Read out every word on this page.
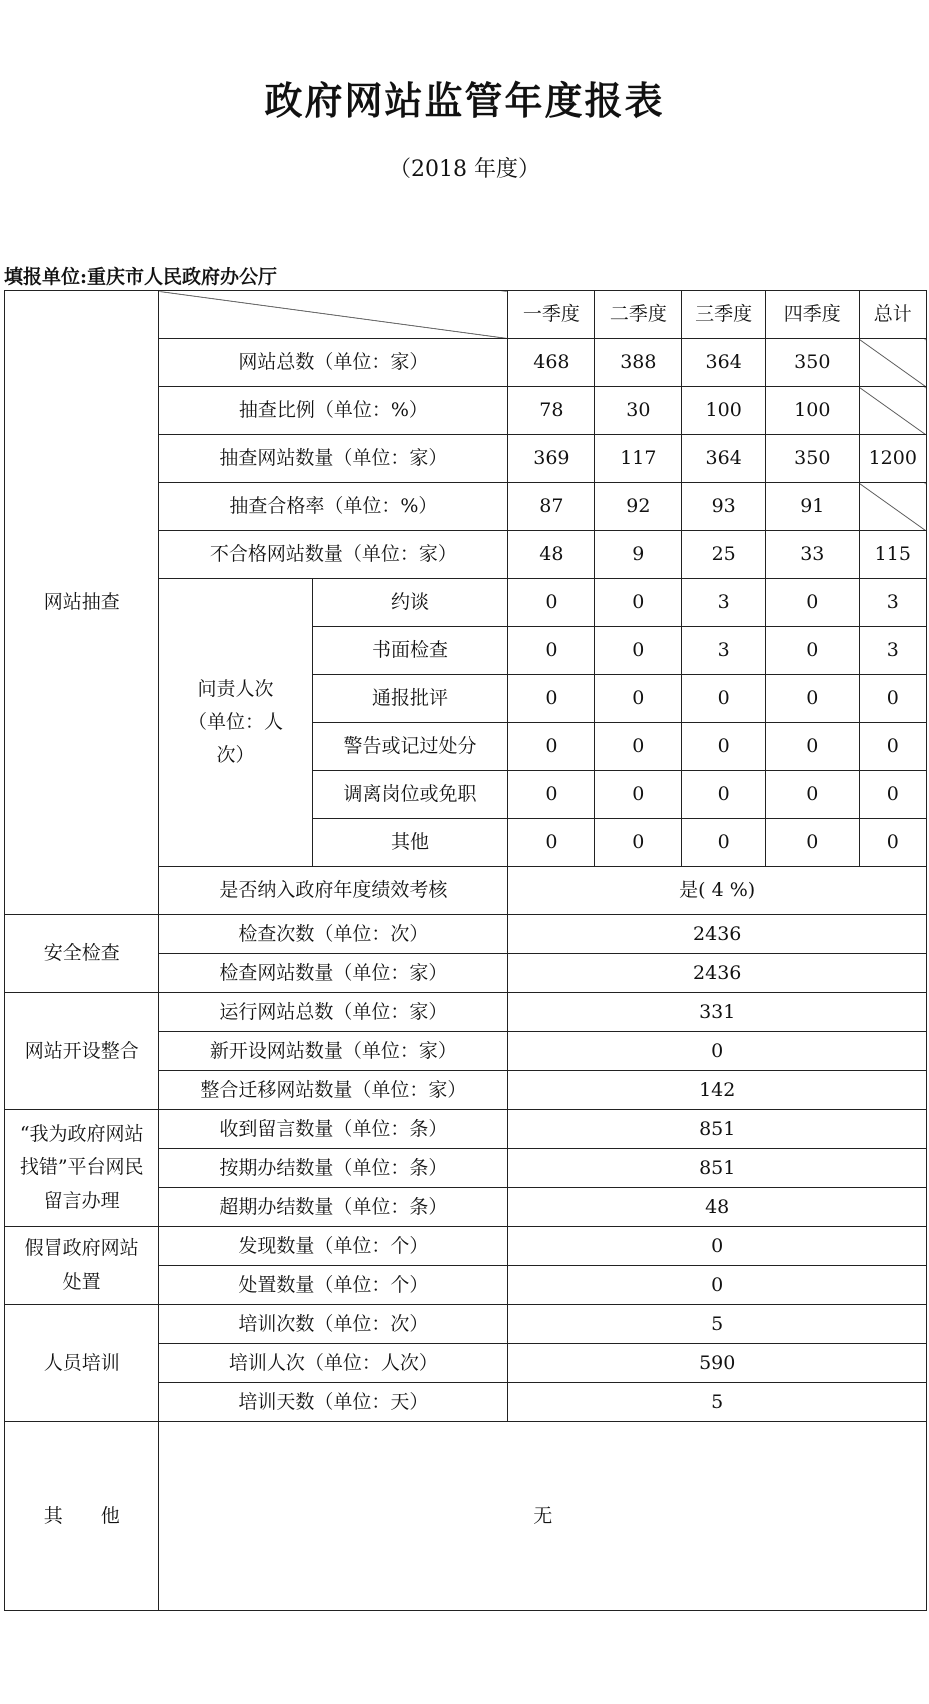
政府网站监管年度报表
（2018 年度）
填报单位:重庆市人民政府办公厅
网站抽查			一季度	二季度	三季度	四季度	总计
	网站总数（单位：家）		468	388	364	350	
	抽查比例（单位：%）		78	30	100	100	
	抽查网站数量（单位：家）		369	117	364	350	1200
	抽查合格率（单位：%）		87	92	93	91	
	不合格网站数量（单位：家）		48	9	25	33	115
	问责人次（单位：人次）	约谈	0	0	3	0	3
		书面检查	0	0	3	0	3
		通报批评	0	0	0	0	0
		警告或记过处分	0	0	0	0	0
		调离岗位或免职	0	0	0	0	0
		其他	0	0	0	0	0
	是否纳入政府年度绩效考核		是( 4 %)				
安全检查	检查次数（单位：次）		2436				
	检查网站数量（单位：家）		2436				
网站开设整合	运行网站总数（单位：家）		331				
	新开设网站数量（单位：家）		0				
	整合迁移网站数量（单位：家）		142				
“我为政府网站找错”平台网民留言办理	收到留言数量（单位：条）		851				
	按期办结数量（单位：条）		851				
	超期办结数量（单位：条）		48				
假冒政府网站处置	发现数量（单位：个）		0				
	处置数量（单位：个）		0				
人员培训	培训次数（单位：次）		5				
	培训人次（单位：人次）		590				
	培训天数（单位：天）		5				
其　　他	无						
